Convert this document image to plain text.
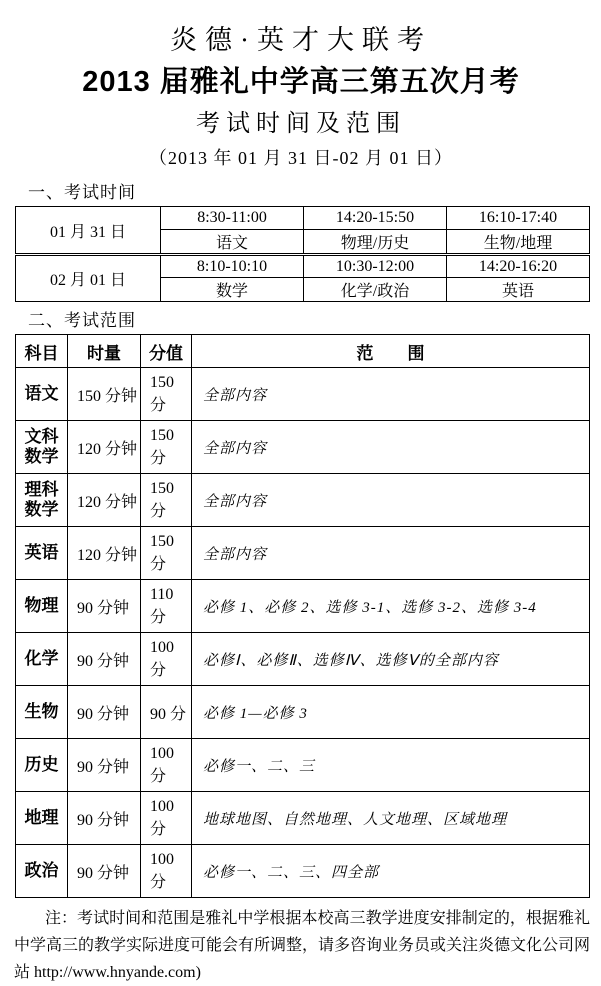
炎德·英才大联考
2013 届雅礼中学高三第五次月考
考试时间及范围
（2013 年 01 月 31 日-02 月 01 日）
一、考试时间
01 月 31 日	8:30-11:00	14:20-15:50	16:10-17:40
	语文	物理/历史	生物/地理
02 月 01 日	8:10-10:10	10:30-12:00	14:20-16:20
	数学	化学/政治	英语
二、考试范围
科目	时量	分值	范　　围
语文	150 分钟	150 分	全部内容
文科数学	120 分钟	150 分	全部内容
理科数学	120 分钟	150 分	全部内容
英语	120 分钟	150 分	全部内容
物理	90 分钟	110 分	必修 1、必修 2、选修 3-1、选修 3-2、选修 3-4
化学	90 分钟	100 分	必修Ⅰ、必修Ⅱ、选修Ⅳ、选修Ⅴ的全部内容
生物	90 分钟	90 分	必修 1—必修 3
历史	90 分钟	100 分	必修一、二、三
地理	90 分钟	100 分	地球地图、自然地理、人文地理、区域地理
政治	90 分钟	100 分	必修一、二、三、四全部

注：考试时间和范围是雅礼中学根据本校高三教学进度安排制定的，根据雅礼中学高三的教学实际进度可能会有所调整，请多咨询业务员或关注炎德文化公司网站 http://www.hnyande.com)
